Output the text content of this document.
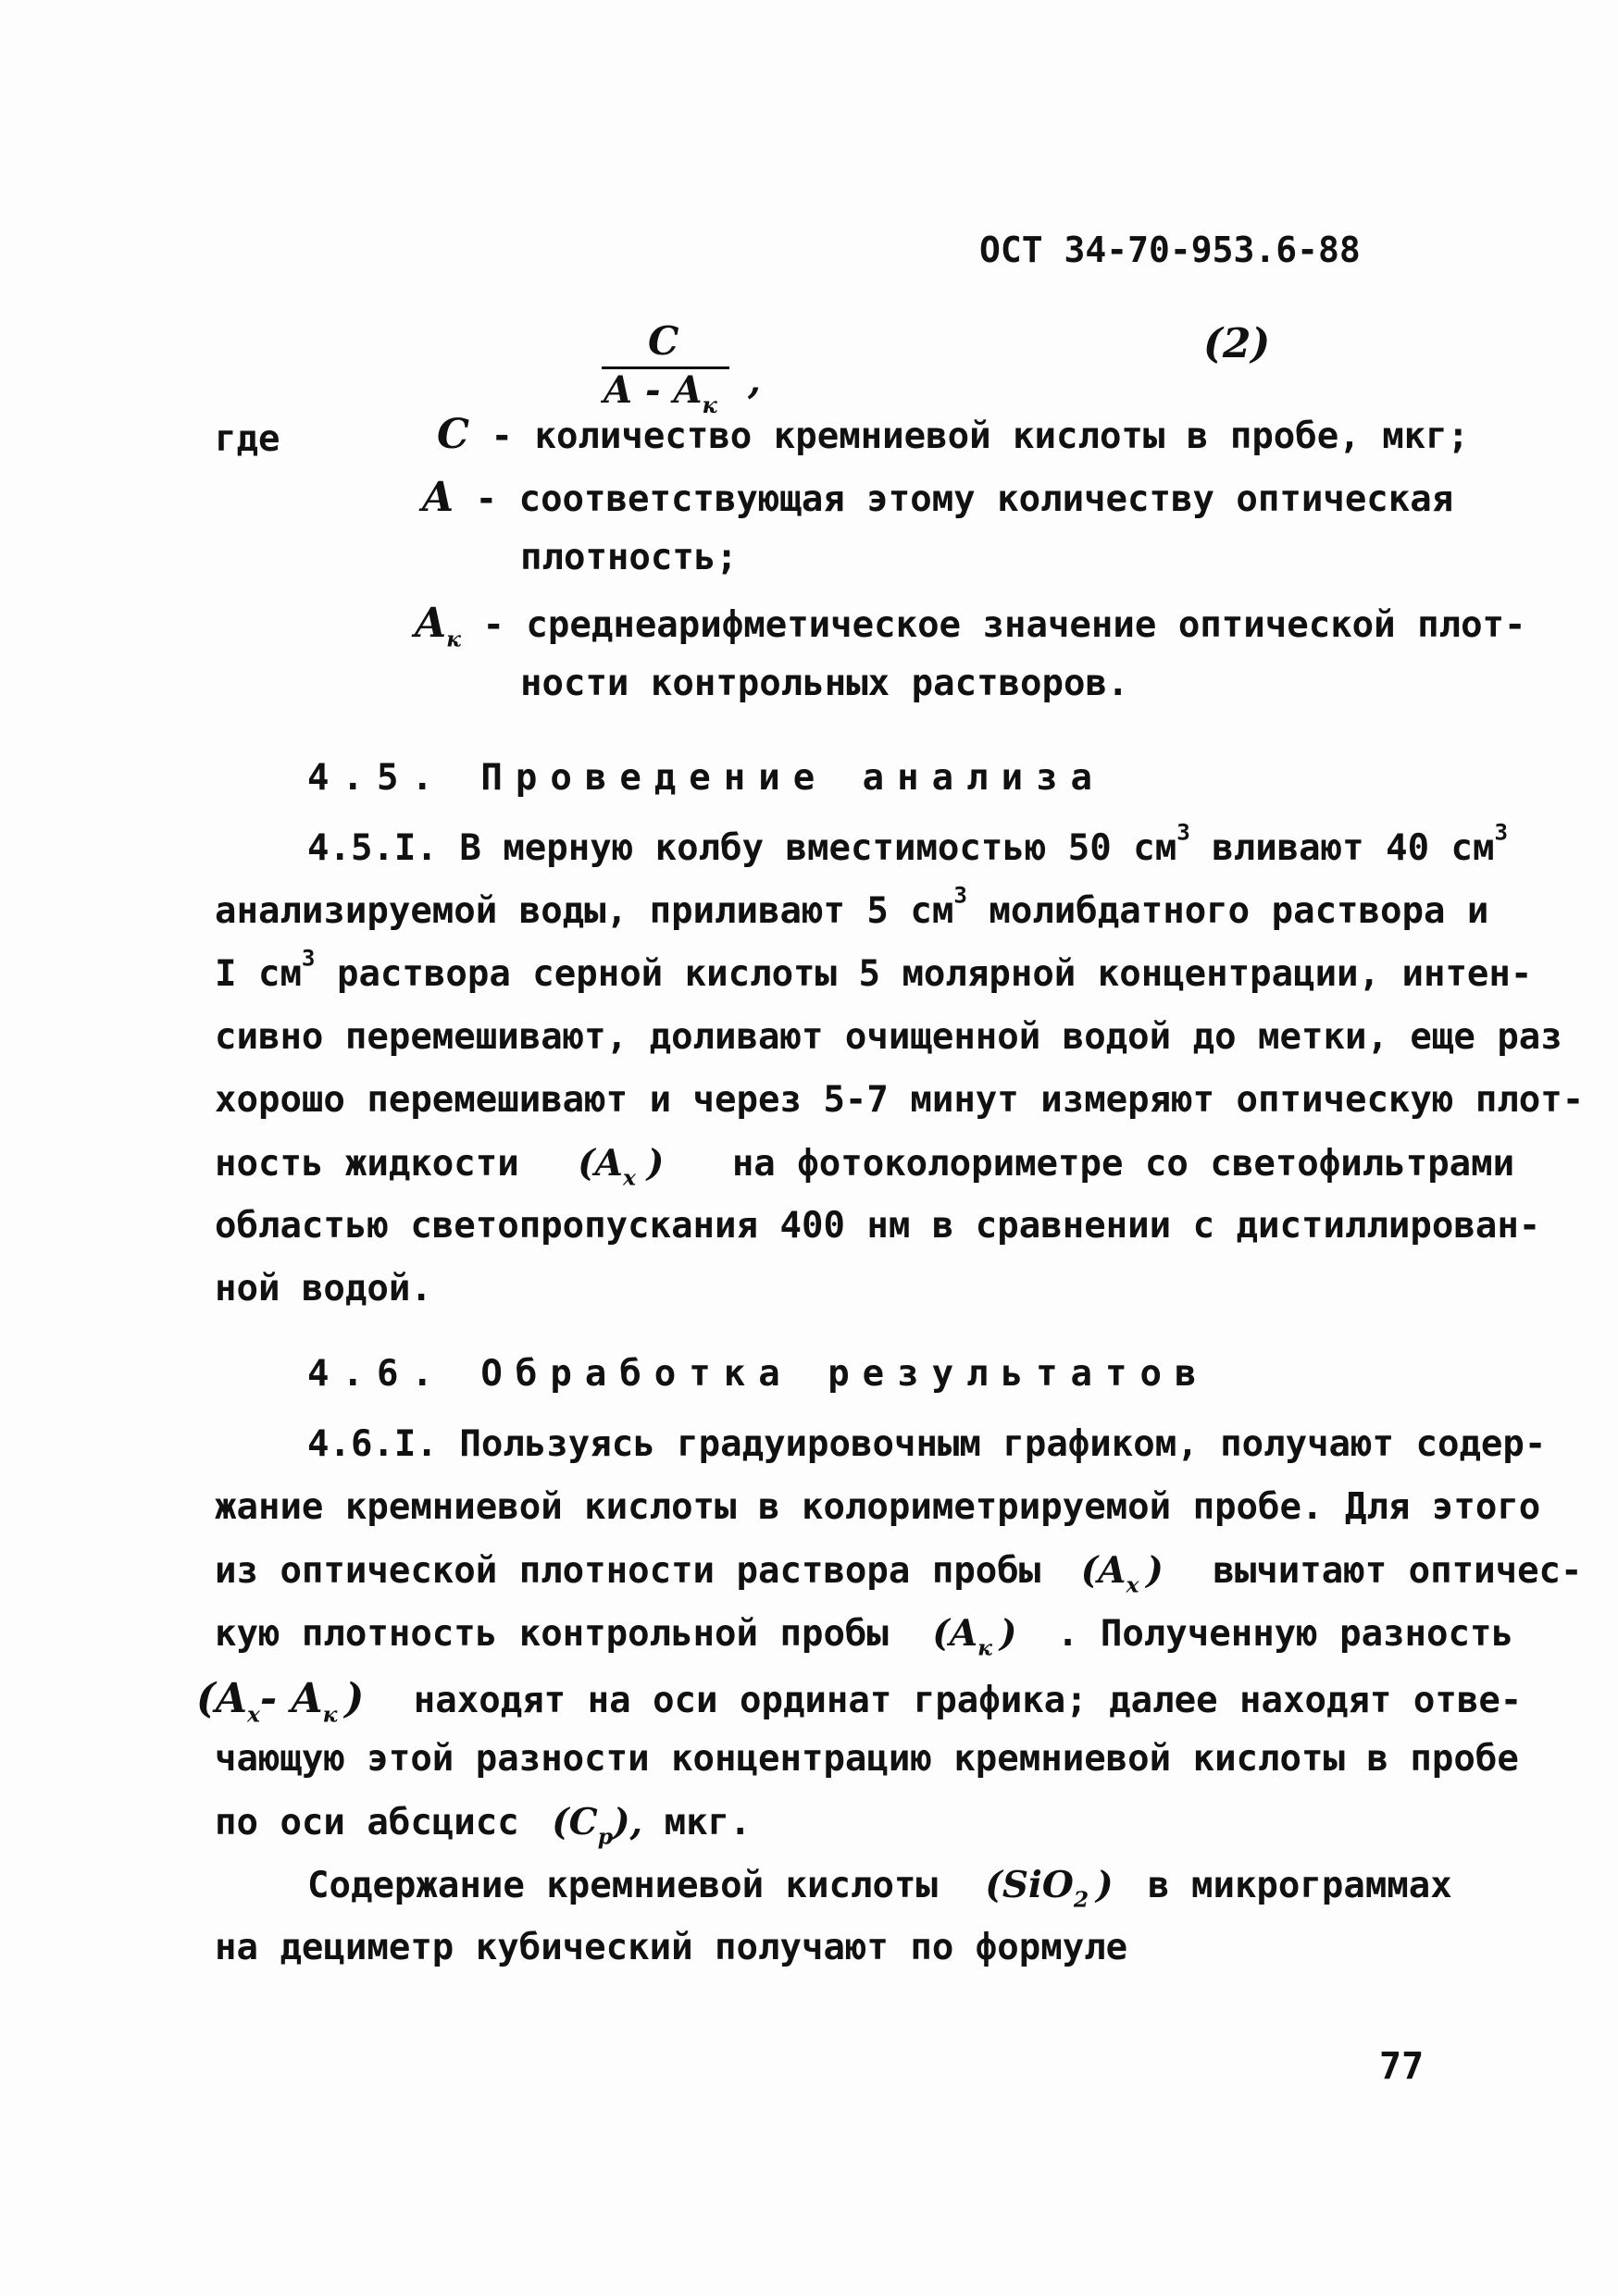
ОСТ 34-70-953.6-88
C
A - $A_к$
,
(2)
где	C - количество кремниевой кислоты в пробе, мкг;
A - соответствующая этому количеству оптическая
плотность;
$A_к$ - среднеарифметическое значение оптической плот-
ности контрольных растворов.
4.5. Проведение анализа
4.5.I. В мерную колбу вместимостью 50 $см^3$ вливают 40 $см^3$
анализируемой воды, приливают 5 $см^3$ молибдатного раствора и
I $см^3$ раствора серной кислоты 5 молярной концентрации, интен-
сивно перемешивают, доливают очищенной водой до метки, еще раз
хорошо перемешивают и через 5-7 минут измеряют оптическую плот-
ность жидкости ($A_x$ ) на фотоколориметре со светофильтрами
областью светопропускания 400 нм в сравнении с дистиллирован-
ной водой.
4.6. Обработка результатов
4.6.I. Пользуясь градуировочным графиком, получают содер-
жание кремниевой кислоты в колориметрируемой пробе. Для этого
из оптической плотности раствора пробы ($A_x$ ) вычитают оптичес-
кую плотность контрольной пробы ($A_к$ ) . Полученную разность
($A_x-$ $A_к$ ) находят на оси ординат графика; далее находят отве-
чающую этой разности концентрацию кремниевой кислоты в пробе
по оси абсцисс $(C_p)$, мкг.
Содержание кремниевой кислоты (SiO$_2$ ) в микрограммах
на дециметр кубический получают по формуле
77
